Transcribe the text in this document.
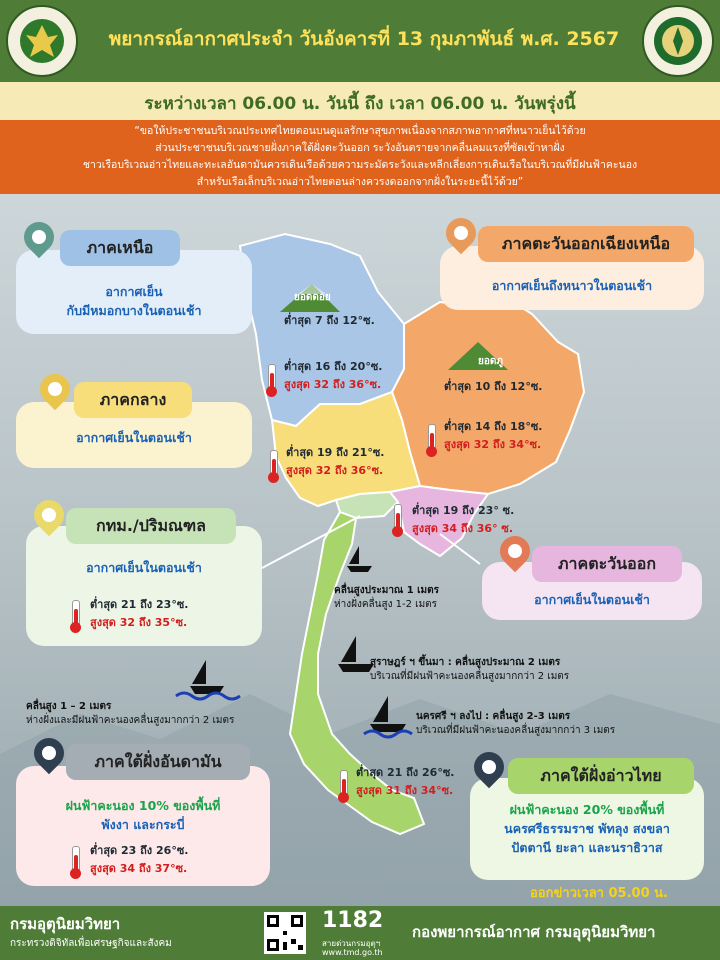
พยากรณ์อากาศประจำ วันอังคารที่ 13 กุมภาพันธ์ พ.ศ. 2567
ระหว่างเวลา 06.00 น. วันนี้ ถึง เวลา 06.00 น. วันพรุ่งนี้
“ขอให้ประชาชนบริเวณประเทศไทยตอนบนดูแลรักษาสุขภาพเนื่องจากสภาพอากาศที่หนาวเย็นไว้ด้วย
ส่วนประชาชนบริเวณชายฝั่งภาคใต้ฝั่งตะวันออก ระวังอันตรายจากคลื่นลมแรงที่ซัดเข้าหาฝั่ง
ชาวเรือบริเวณอ่าวไทยและทะเลอันดามันควรเดินเรือด้วยความระมัดระวังและหลีกเลี่ยงการเดินเรือในบริเวณที่มีฝนฟ้าคะนอง
สำหรับเรือเล็กบริเวณอ่าวไทยตอนล่างควรงดออกจากฝั่งในระยะนี้ไว้ด้วย”
ยอดดอย
ต่ำสุด 7 ถึง 12°ซ.
ยอดภู
ต่ำสุด 10 ถึง 12°ซ.
ภาคเหนือ
อากาศเย็น
กับมีหมอกบางในตอนเช้า
ต่ำสุด 16 ถึง 20°ซ.
สูงสุด 32 ถึง 36°ซ.
ภาคตะวันออกเฉียงเหนือ
อากาศเย็นถึงหนาวในตอนเช้า
ต่ำสุด 14 ถึง 18°ซ.
สูงสุด 32 ถึง 34°ซ.
ภาคกลาง
อากาศเย็นในตอนเช้า
ต่ำสุด 19 ถึง 21°ซ.
สูงสุด 32 ถึง 36°ซ.
กทม./ปริมณฑล
อากาศเย็นในตอนเช้า
ต่ำสุด 21 ถึง 23°ซ.
สูงสุด 32 ถึง 35°ซ.
ภาคตะวันออก
อากาศเย็นในตอนเช้า
ต่ำสุด 19 ถึง 23° ซ.
สูงสุด 34 ถึง 36° ซ.
คลื่นสูงประมาณ 1 เมตร
ห่างฝั่งคลื่นสูง 1-2 เมตร
สุราษฎร์ ฯ ขึ้นมา : คลื่นสูงประมาณ 2 เมตร
บริเวณที่มีฝนฟ้าคะนองคลื่นสูงมากกว่า 2 เมตร
นครศรี ฯ ลงไป : คลื่นสูง 2-3 เมตร
บริเวณที่มีฝนฟ้าคะนองคลื่นสูงมากกว่า 3 เมตร
คลื่นสูง 1 – 2 เมตร
ห่างฝั่งและมีฝนฟ้าคะนองคลื่นสูงมากกว่า 2 เมตร
ภาคใต้ฝั่งอันดามัน
ฝนฟ้าคะนอง 10% ของพื้นที่
พังงา และกระบี่
ต่ำสุด 23 ถึง 26°ซ.
สูงสุด 34 ถึง 37°ซ.
ภาคใต้ฝั่งอ่าวไทย
ฝนฟ้าคะนอง 20% ของพื้นที่
นครศรีธรรมราช พัทลุง สงขลา
ปัตตานี ยะลา และนราธิวาส
ต่ำสุด 21 ถึง 26°ซ.
สูงสุด 31 ถึง 34°ซ.
ออกข่าวเวลา 05.00 น.
กรมอุตุนิยมวิทยา
กระทรวงดิจิทัลเพื่อเศรษฐกิจและสังคม
1182
สายด่วนกรมอุตุฯ
www.tmd.go.th
กองพยากรณ์อากาศ กรมอุตุนิยมวิทยา
